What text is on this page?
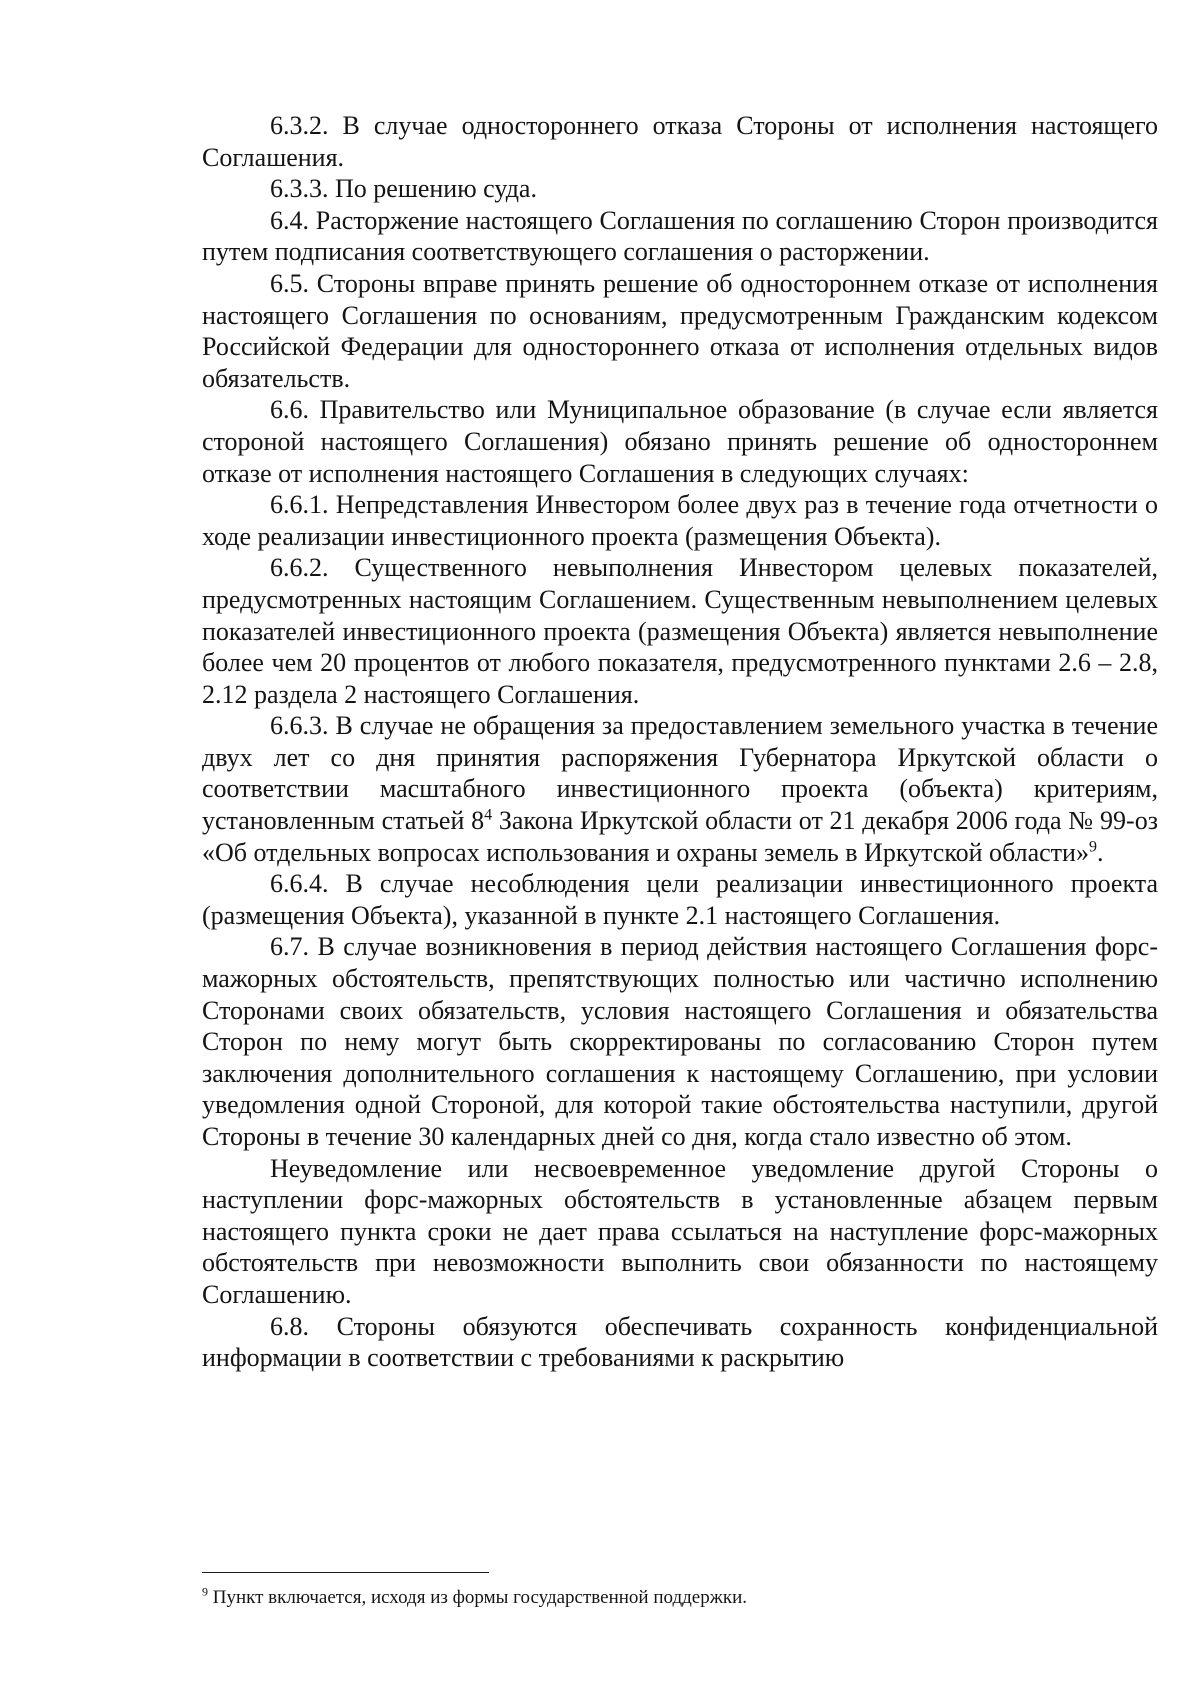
6.3.2. В случае одностороннего отказа Стороны от исполнения настоящего Соглашения.

6.3.3. По решению суда.

6.4. Расторжение настоящего Соглашения по соглашению Сторон производится путем подписания соответствующего соглашения о расторжении.

6.5. Стороны вправе принять решение об одностороннем отказе от исполнения настоящего Соглашения по основаниям, предусмотренным Гражданским кодексом Российской Федерации для одностороннего отказа от исполнения отдельных видов обязательств.

6.6. Правительство или Муниципальное образование (в случае если является стороной настоящего Соглашения) обязано принять решение об одностороннем отказе от исполнения настоящего Соглашения в следующих случаях:

6.6.1. Непредставления Инвестором более двух раз в течение года отчетности о ходе реализации инвестиционного проекта (размещения Объекта).

6.6.2. Существенного невыполнения Инвестором целевых показателей, предусмотренных настоящим Соглашением. Существенным невыполнением целевых показателей инвестиционного проекта (размещения Объекта) является невыполнение более чем 20 процентов от любого показателя, предусмотренного пунктами 2.6 – 2.8, 2.12 раздела 2 настоящего Соглашения.

6.6.3. В случае не обращения за предоставлением земельного участка в течение двух лет со дня принятия распоряжения Губернатора Иркутской области о соответствии масштабного инвестиционного проекта (объекта) критериям, установленным статьей $8^4$ Закона Иркутской области от 21 декабря 2006 года № 99-оз «Об отдельных вопросах использования и охраны земель в Иркутской области»$^9$.

6.6.4. В случае несоблюдения цели реализации инвестиционного проекта (размещения Объекта), указанной в пункте 2.1 настоящего Соглашения.

6.7. В случае возникновения в период действия настоящего Соглашения форс-мажорных обстоятельств, препятствующих полностью или частично исполнению Сторонами своих обязательств, условия настоящего Соглашения и обязательства Сторон по нему могут быть скорректированы по согласованию Сторон путем заключения дополнительного соглашения к настоящему Соглашению, при условии уведомления одной Стороной, для которой такие обстоятельства наступили, другой Стороны в течение 30 календарных дней со дня, когда стало известно об этом.

Неуведомление или несвоевременное уведомление другой Стороны о наступлении форс-мажорных обстоятельств в установленные абзацем первым настоящего пункта сроки не дает права ссылаться на наступление форс-мажорных обстоятельств при невозможности выполнить свои обязанности по настоящему Соглашению.

6.8. Стороны обязуются обеспечивать сохранность конфиденциальной информации в соответствии с требованиями к раскрытию

$^9$ Пункт включается, исходя из формы государственной поддержки.
